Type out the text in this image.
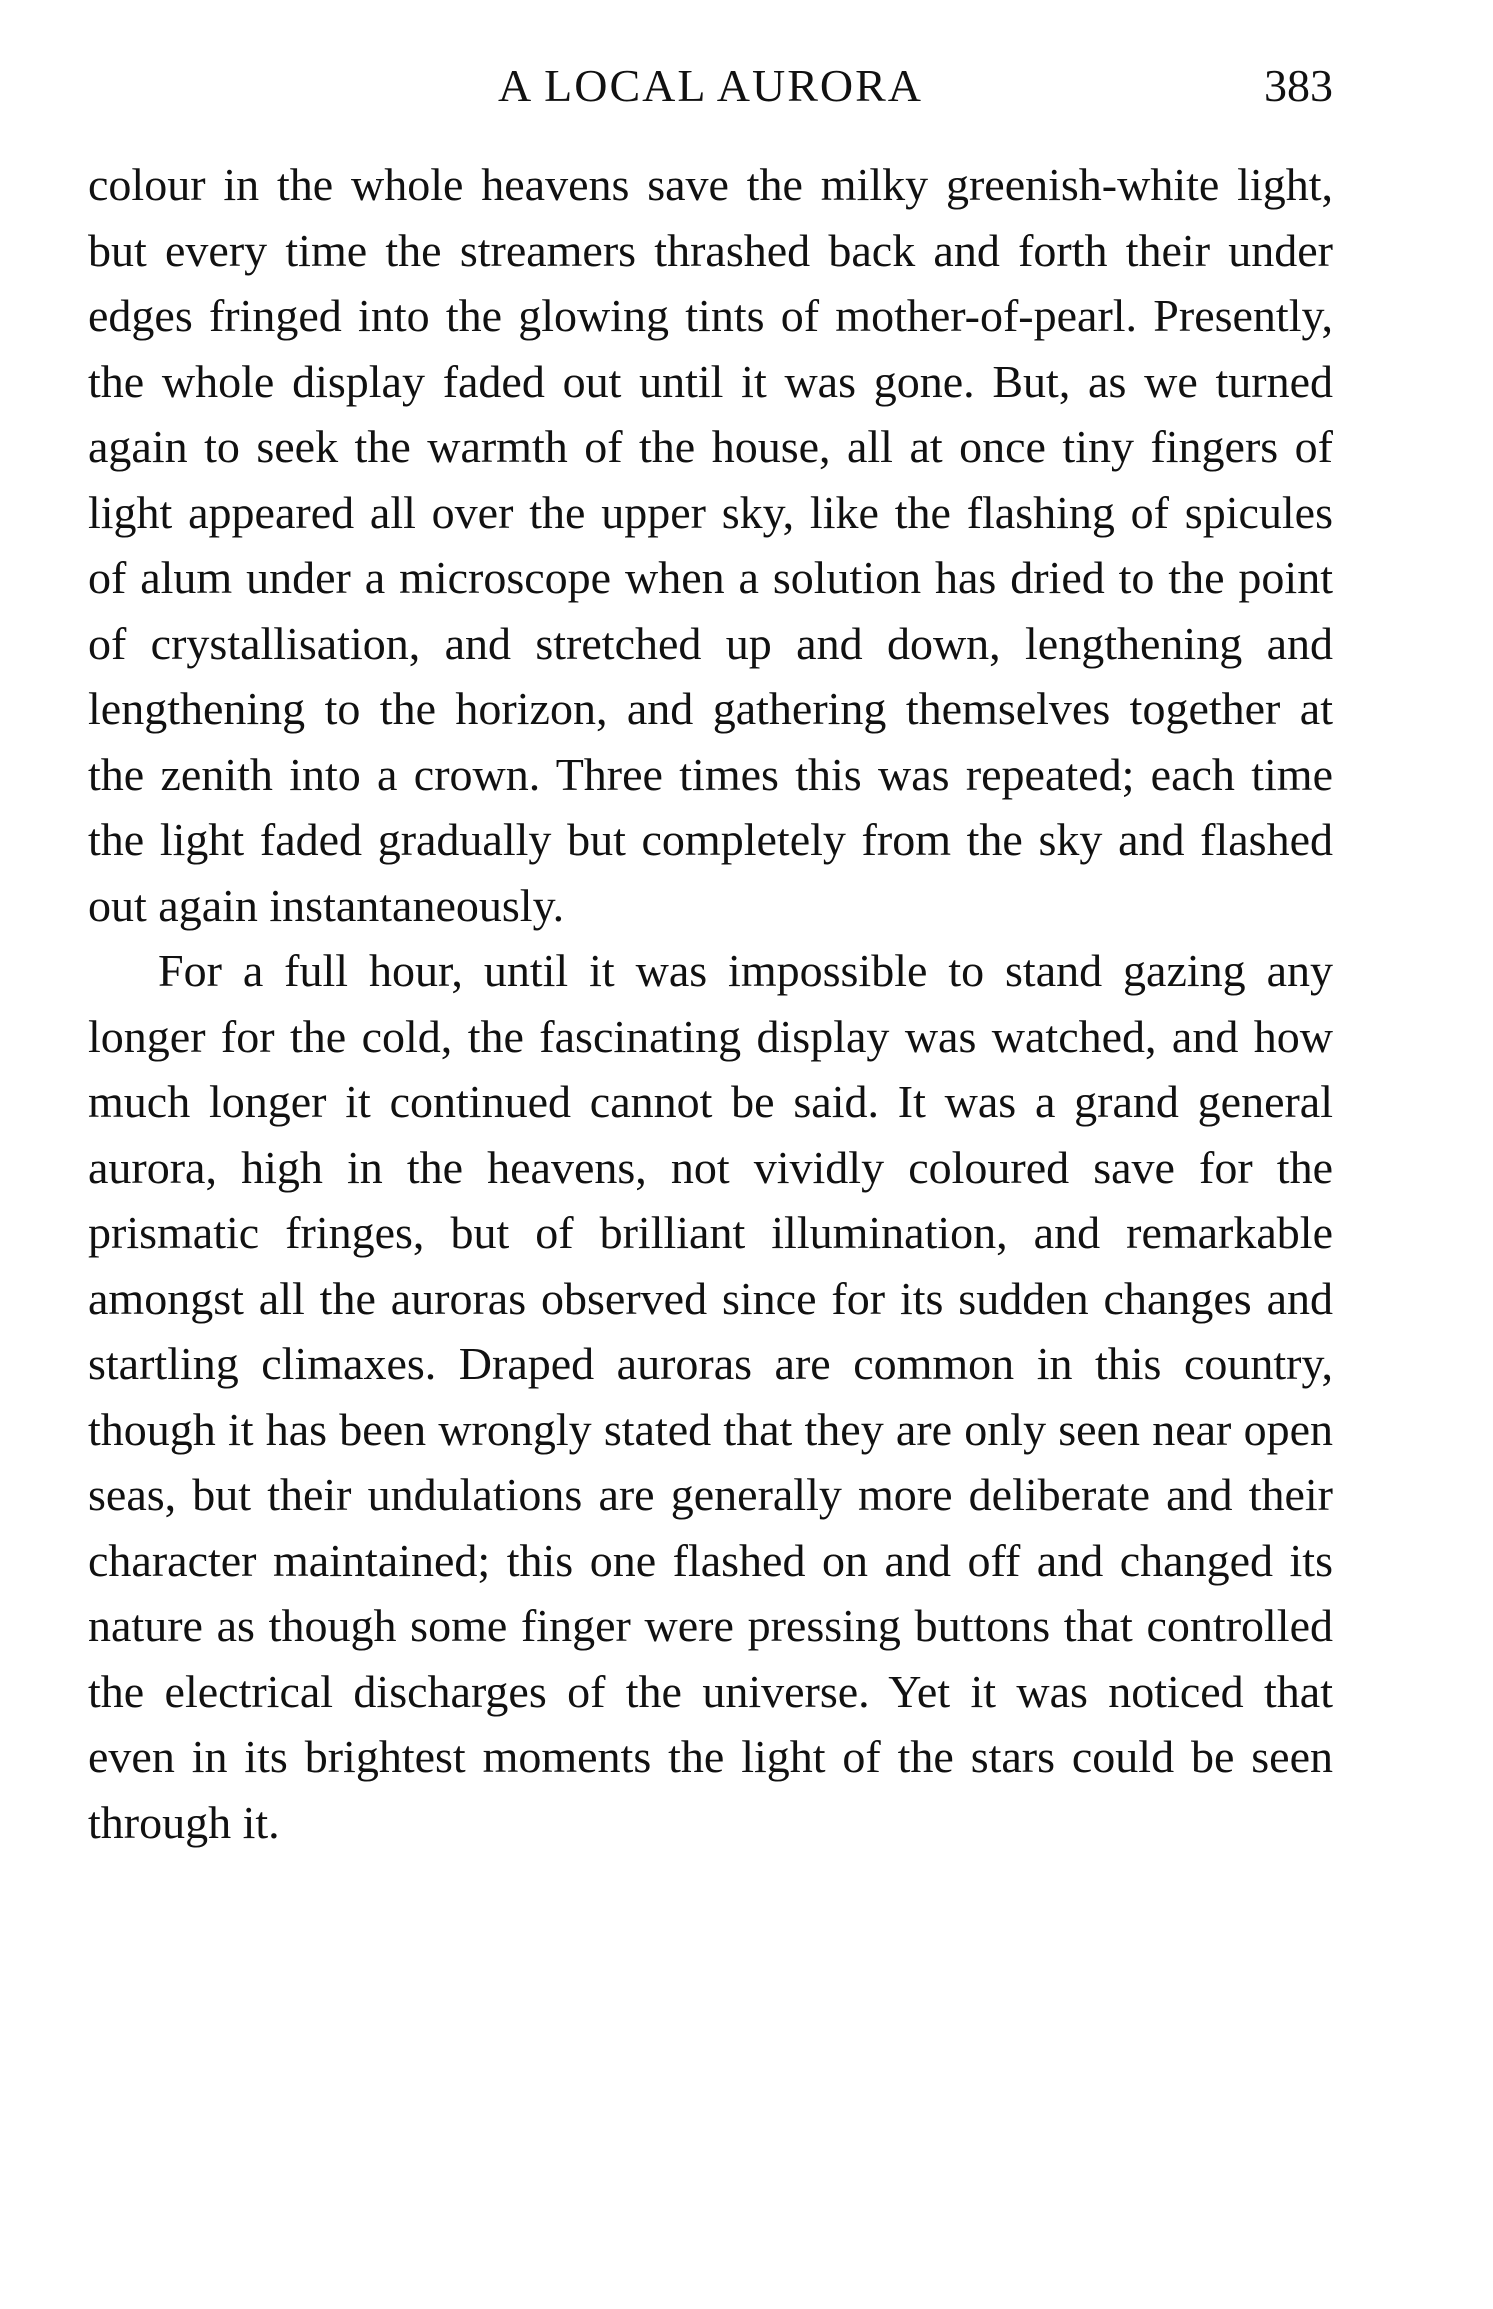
A LOCAL AURORA	383

colour in the whole heavens save the milky greenish-white light, but every time the streamers thrashed back and forth their under edges fringed into the glowing tints of mother-of-pearl. Presently, the whole display faded out until it was gone. But, as we turned again to seek the warmth of the house, all at once tiny fingers of light appeared all over the upper sky, like the flashing of spicules of alum under a microscope when a solution has dried to the point of crystallisation, and stretched up and down, lengthening and lengthening to the horizon, and gathering themselves together at the zenith into a crown. Three times this was repeated; each time the light faded gradually but completely from the sky and flashed out again instantaneously.

For a full hour, until it was impossible to stand gazing any longer for the cold, the fascinating display was watched, and how much longer it continued cannot be said. It was a grand general aurora, high in the heavens, not vividly coloured save for the prismatic fringes, but of brilliant illumination, and remarkable amongst all the auroras observed since for its sudden changes and startling climaxes. Draped auroras are common in this country, though it has been wrongly stated that they are only seen near open seas, but their undulations are generally more deliberate and their character maintained; this one flashed on and off and changed its nature as though some finger were pressing buttons that controlled the electrical discharges of the universe. Yet it was noticed that even in its brightest moments the light of the stars could be seen through it.
